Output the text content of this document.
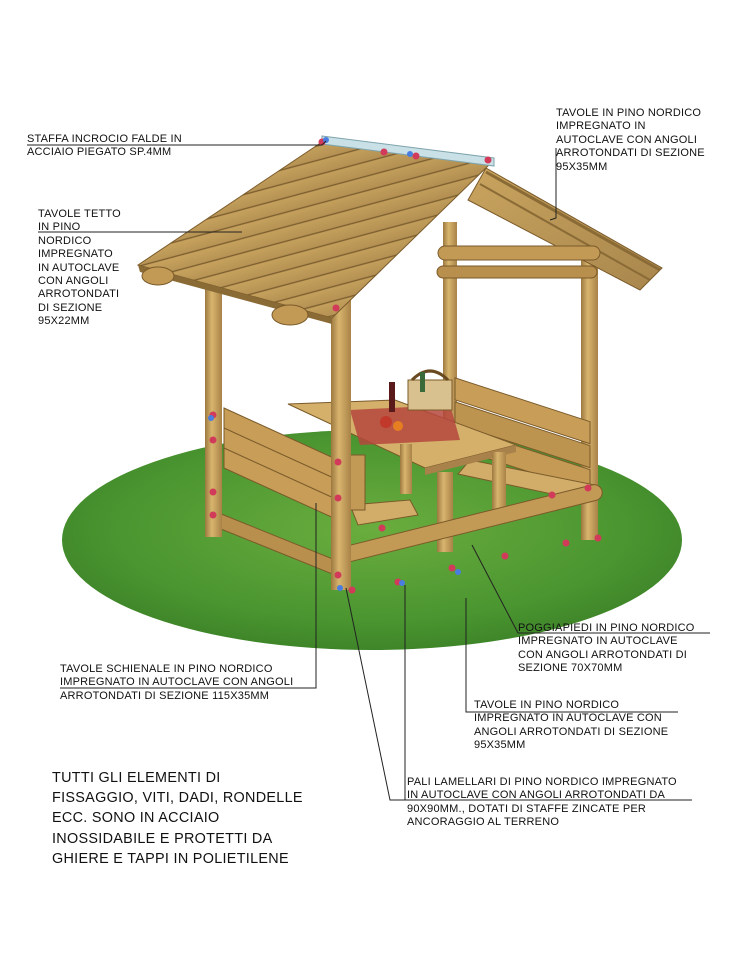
STAFFA INCROCIO FALDE IN
ACCIAIO PIEGATO SP.4MM
TAVOLE TETTO
IN PINO
NORDICO
IMPREGNATO
IN AUTOCLAVE
CON ANGOLI
ARROTONDATI
DI SEZIONE
95X22MM
TAVOLE IN PINO NORDICO
IMPREGNATO IN
AUTOCLAVE CON ANGOLI
ARROTONDATI DI SEZIONE
95X35MM
POGGIAPIEDI IN PINO NORDICO
IMPREGNATO IN AUTOCLAVE
CON ANGOLI ARROTONDATI DI
SEZIONE 70X70MM
TAVOLE SCHIENALE IN PINO NORDICO
IMPREGNATO IN AUTOCLAVE CON ANGOLI
ARROTONDATI DI SEZIONE 115X35MM
TAVOLE IN PINO NORDICO
IMPREGNATO IN AUTOCLAVE CON
ANGOLI ARROTONDATI DI SEZIONE
95X35MM
PALI LAMELLARI DI PINO NORDICO IMPREGNATO
IN AUTOCLAVE CON ANGOLI ARROTONDATI DA
90X90MM., DOTATI DI STAFFE ZINCATE PER
ANCORAGGIO AL TERRENO
TUTTI GLI ELEMENTI DI
FISSAGGIO, VITI, DADI, RONDELLE
ECC. SONO IN ACCIAIO
INOSSIDABILE E PROTETTI DA
GHIERE E TAPPI IN POLIETILENE
